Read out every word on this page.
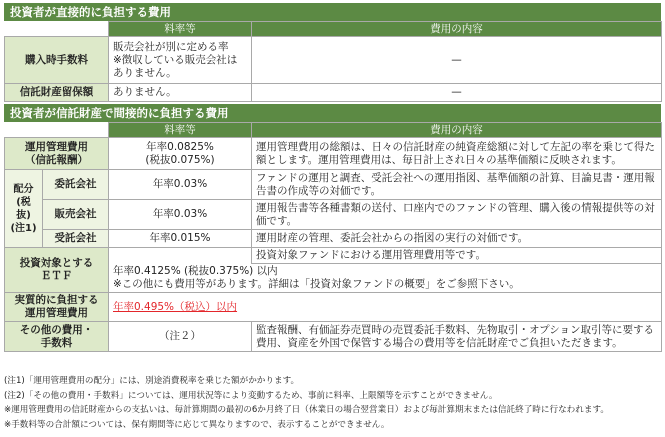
投資者が直接的に負担する費用
	料率等	費用の内容
購入時手数料	販売会社が別に定める率
※徴収している販売会社は
ありません。	—
信託財産留保額	ありません。	—
投資者が信託財産で間接的に負担する費用
		料率等	費用の内容
運用管理費用
（信託報酬）		年率0.0825%
(税抜0.075%)	運用管理費用の総額は、日々の信託財産の純資産総額に対して左記の率を乗じて得た額とします。運用管理費用は、毎日計上され日々の基準価額に反映されます。
配分
(税抜)
(注1)	委託会社	年率0.03%	ファンドの運用と調査、受託会社への運用指図、基準価額の計算、目論見書・運用報告書の作成等の対価です。
	販売会社	年率0.03%	運用報告書等各種書類の送付、口座内でのファンドの管理、購入後の情報提供等の対価です。
	受託会社	年率0.015%	運用財産の管理、委託会社からの指図の実行の対価です。
投資対象とする
ＥＴＦ			投資対象ファンドにおける運用管理費用等です。
		年率0.4125% (税抜0.375%) 以内
※この他にも費用等があります。詳細は「投資対象ファンドの概要」をご参照下さい。	
実質的に負担する
運用管理費用		年率0.495%（税込）以内	
その他の費用・
手数料		（注２）	監査報酬、有価証券売買時の売買委託手数料、先物取引・オプション取引等に要する費用、資産を外国で保管する場合の費用等を信託財産でご負担いただきます。
(注1)「運用管理費用の配分」には、別途消費税率を乗じた額がかかります。
(注2)「その他の費用・手数料」については、運用状況等により変動するため、事前に料率、上限額等を示すことができません。
※運用管理費用の信託財産からの支払いは、毎計算期間の最初の6か月終了日（休業日の場合翌営業日）および毎計算期末または信託終了時に行なわれます。
※手数料等の合計額については、保有期間等に応じて異なりますので、表示することができません。
